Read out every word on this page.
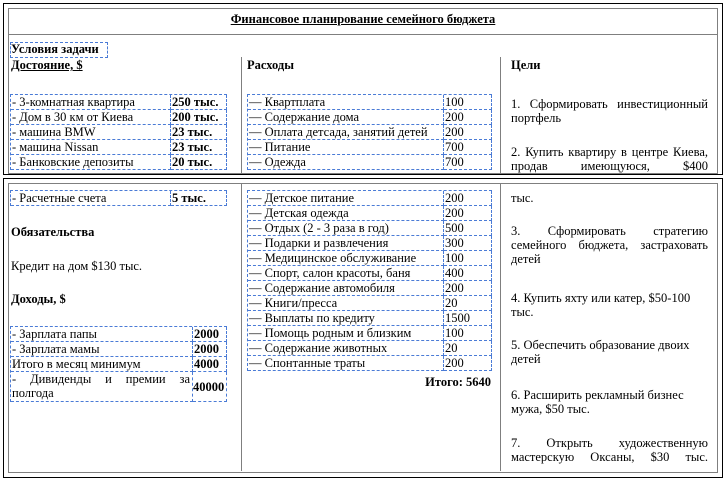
Финансовое планирование семейного бюджета
Условия задачи
Достояние, $	Расходы	Цели
- 3-комнатная квартира	250 тыс.
- Дом в 30 км от Киева	200 тыс.
- машина BMW	23 тыс.
- машина Nissan	23 тыс.
- Банковские депозиты	20 тыс.
— Квартплата	100
— Содержание дома	200
— Оплата детсада, занятий детей	200
— Питание	700
— Одежда	700
1. Сформировать инвестиционный портфель
2. Купить квартиру в центре Киева, продав имеющуюся, $400
- Расчетные счета	5 тыс.
Обязательства
Кредит на дом $130 тыс.
Доходы, $
- Зарплата папы	2000
- Зарплата мамы	2000
Итого в месяц минимум	4000
- Дивиденды и премии за полгода	40000
— Детское питание	200
— Детская одежда	200
— Отдых (2 - 3 раза в год)	500
— Подарки и развлечения	300
— Медицинское обслуживание	100
— Спорт, салон красоты, баня	400
— Содержание автомобиля	200
— Книги/пресса	20
— Выплаты по кредиту	1500
— Помощь родным и близким	100
— Содержание животных	20
— Спонтанные траты	200
Итого: 5640
тыс.
3. Сформировать стратегию семейного бюджета, застраховать детей
4. Купить яхту или катер, $50-100 тыс.
5. Обеспечить образование двоих детей
6. Расширить рекламный бизнес мужа, $50 тыс.
7. Открыть художественную мастерскую Оксаны, $30 тыс.
